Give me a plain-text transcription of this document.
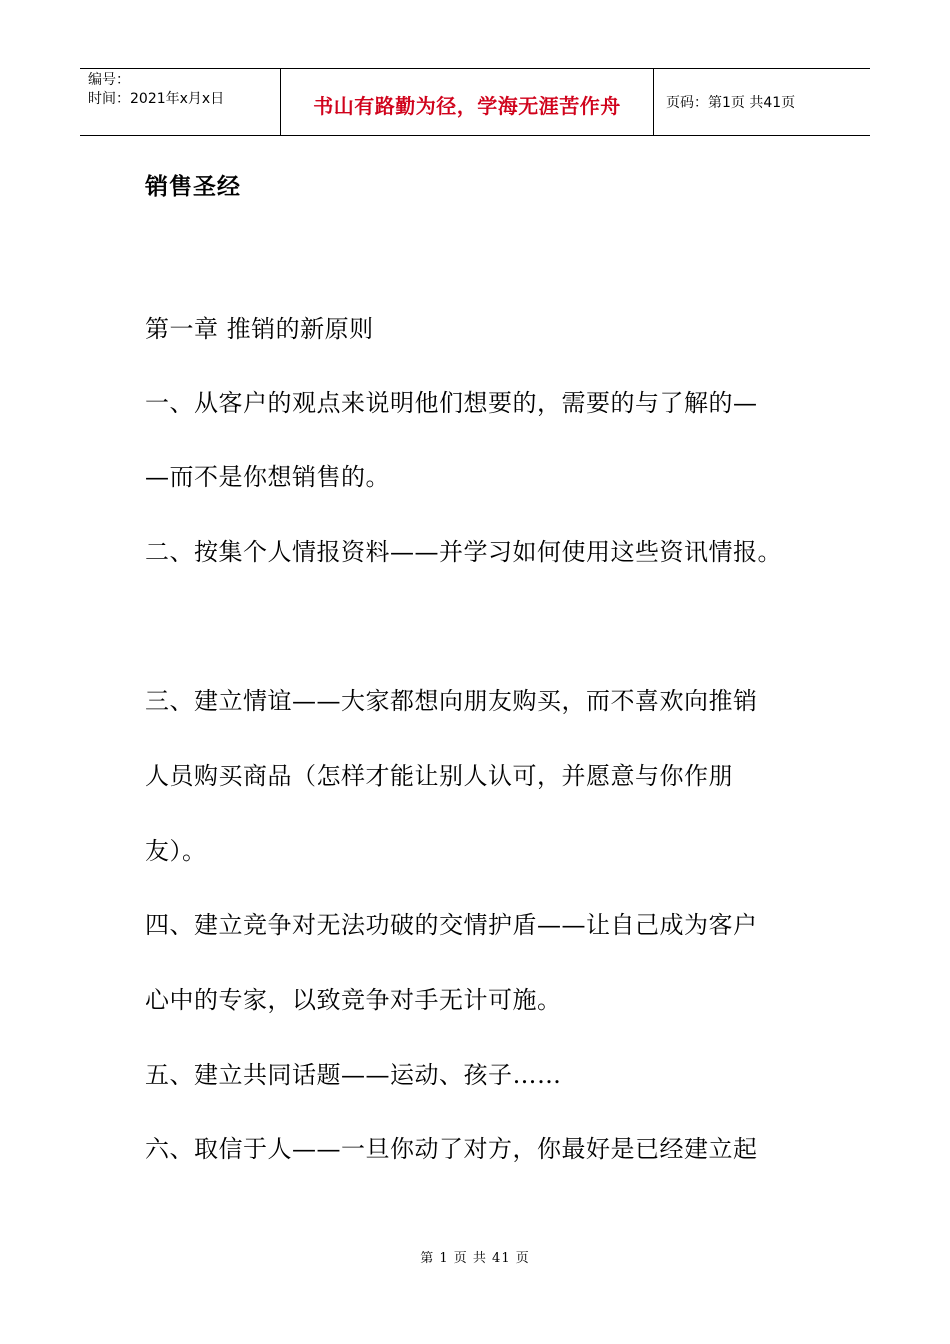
编号：
时间：2021年x月x日	书山有路勤为径，学海无涯苦作舟	页码：第1页 共41页
销售圣经
第一章 推销的新原则
一、从客户的观点来说明他们想要的，需要的与了解的—
—而不是你想销售的。
二、按集个人情报资料——并学习如何使用这些资讯情报。
三、建立情谊——大家都想向朋友购买，而不喜欢向推销
人员购买商品（怎样才能让别人认可，并愿意与你作朋
友）。
四、建立竞争对无法功破的交情护盾——让自己成为客户
心中的专家，以致竞争对手无计可施。
五、建立共同话题——运动、孩子……
六、取信于人——一旦你动了对方，你最好是已经建立起
第 1 页 共 41 页
